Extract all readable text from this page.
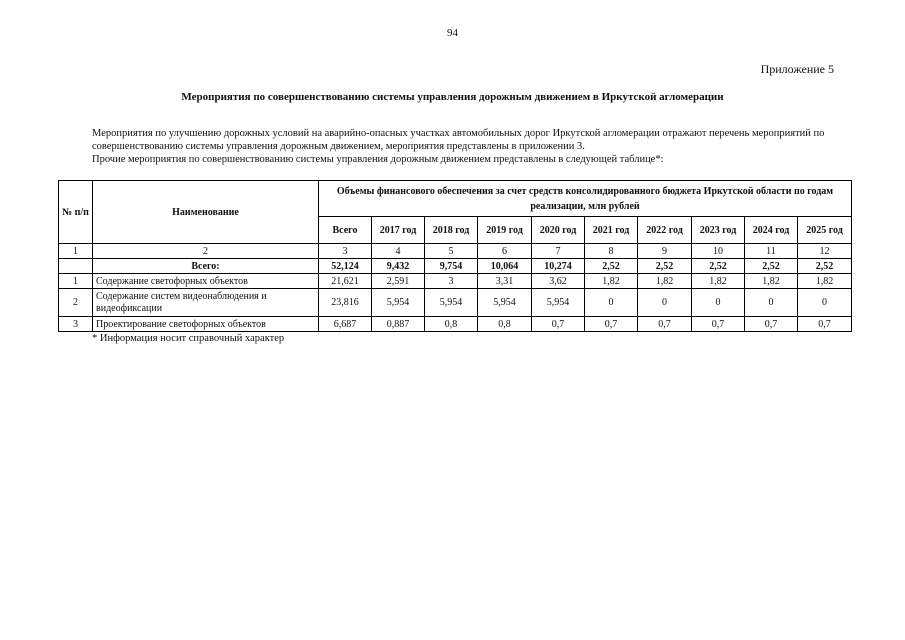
94
Приложение 5
Мероприятия по совершенствованию системы управления дорожным движением в Иркутской агломерации

Мероприятия по улучшению дорожных условий на аварийно-опасных участках автомобильных дорог Иркутской агломерации отражают перечень мероприятий по совершенствованию системы управления дорожным движением, мероприятия представлены в приложении 3.

Прочие мероприятия по совершенствованию системы управления дорожным движением представлены в следующей таблице*:

№ п/п	Наименование	Объемы финансового обеспечения за счет средств консолидированного бюджета Иркутской области по годам реализации, млн рублей									
		Всего	2017 год	2018 год	2019 год	2020 год	2021 год	2022 год	2023 год	2024 год	2025 год
1	2	3	4	5	6	7	8	9	10	11	12
	Всего:	52,124	9,432	9,754	10,064	10,274	2,52	2,52	2,52	2,52	2,52
1	Содержание светофорных объектов	21,621	2,591	3	3,31	3,62	1,82	1,82	1,82	1,82	1,82
2	Содержание систем видеонаблюдения и видеофиксации	23,816	5,954	5,954	5,954	5,954	0	0	0	0	0
3	Проектирование светофорных объектов	6,687	0,887	0,8	0,8	0,7	0,7	0,7	0,7	0,7	0,7
* Информация носит справочный характер
